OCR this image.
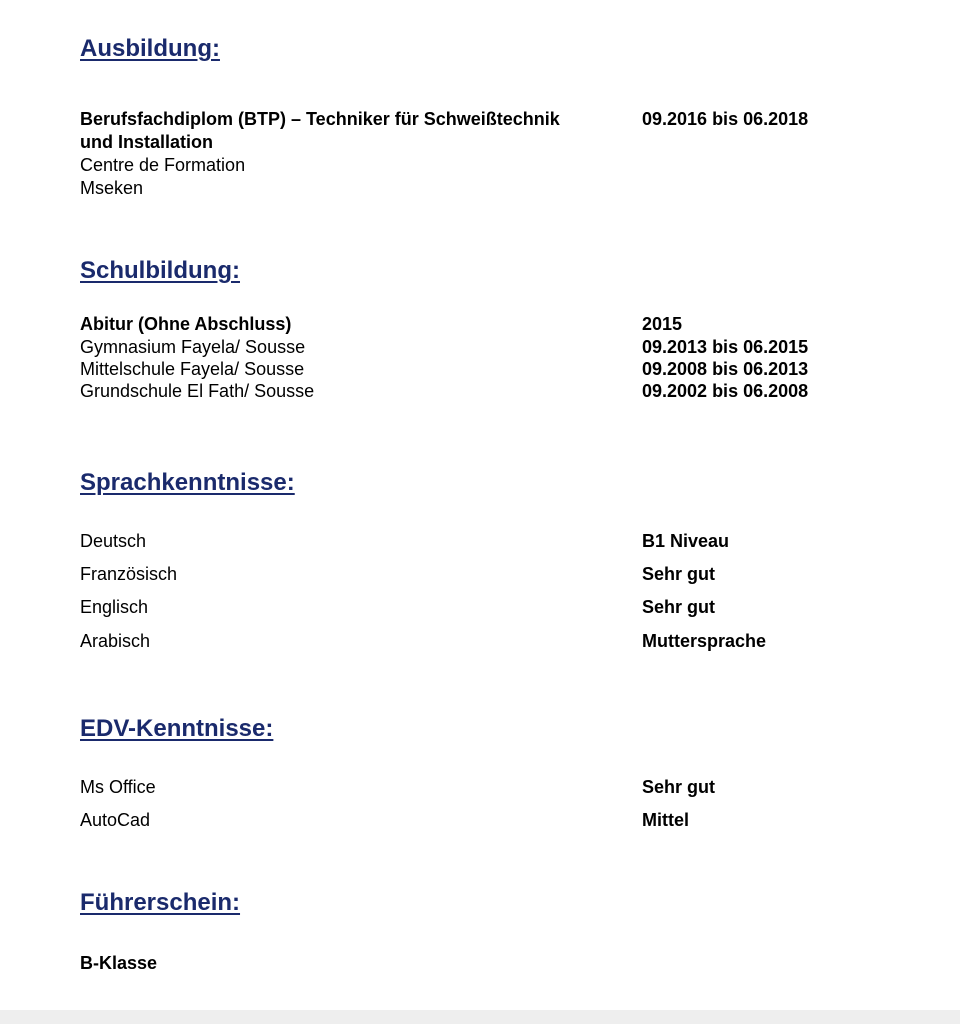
Ausbildung:
Berufsfachdiplom (BTP) – Techniker für Schweißtechnik
und Installation
Centre de Formation
Mseken
09.2016 bis 06.2018
Schulbildung:
Abitur (Ohne Abschluss)	2015
Gymnasium Fayela/ Sousse	09.2013 bis 06.2015
Mittelschule Fayela/ Sousse	09.2008 bis 06.2013
Grundschule El Fath/ Sousse	09.2002 bis 06.2008
Sprachkenntnisse:
Deutsch	B1 Niveau
Französisch	Sehr gut
Englisch	Sehr gut
Arabisch	Muttersprache
EDV-Kenntnisse:
Ms Office	Sehr gut
AutoCad	Mittel
Führerschein:
B-Klasse
